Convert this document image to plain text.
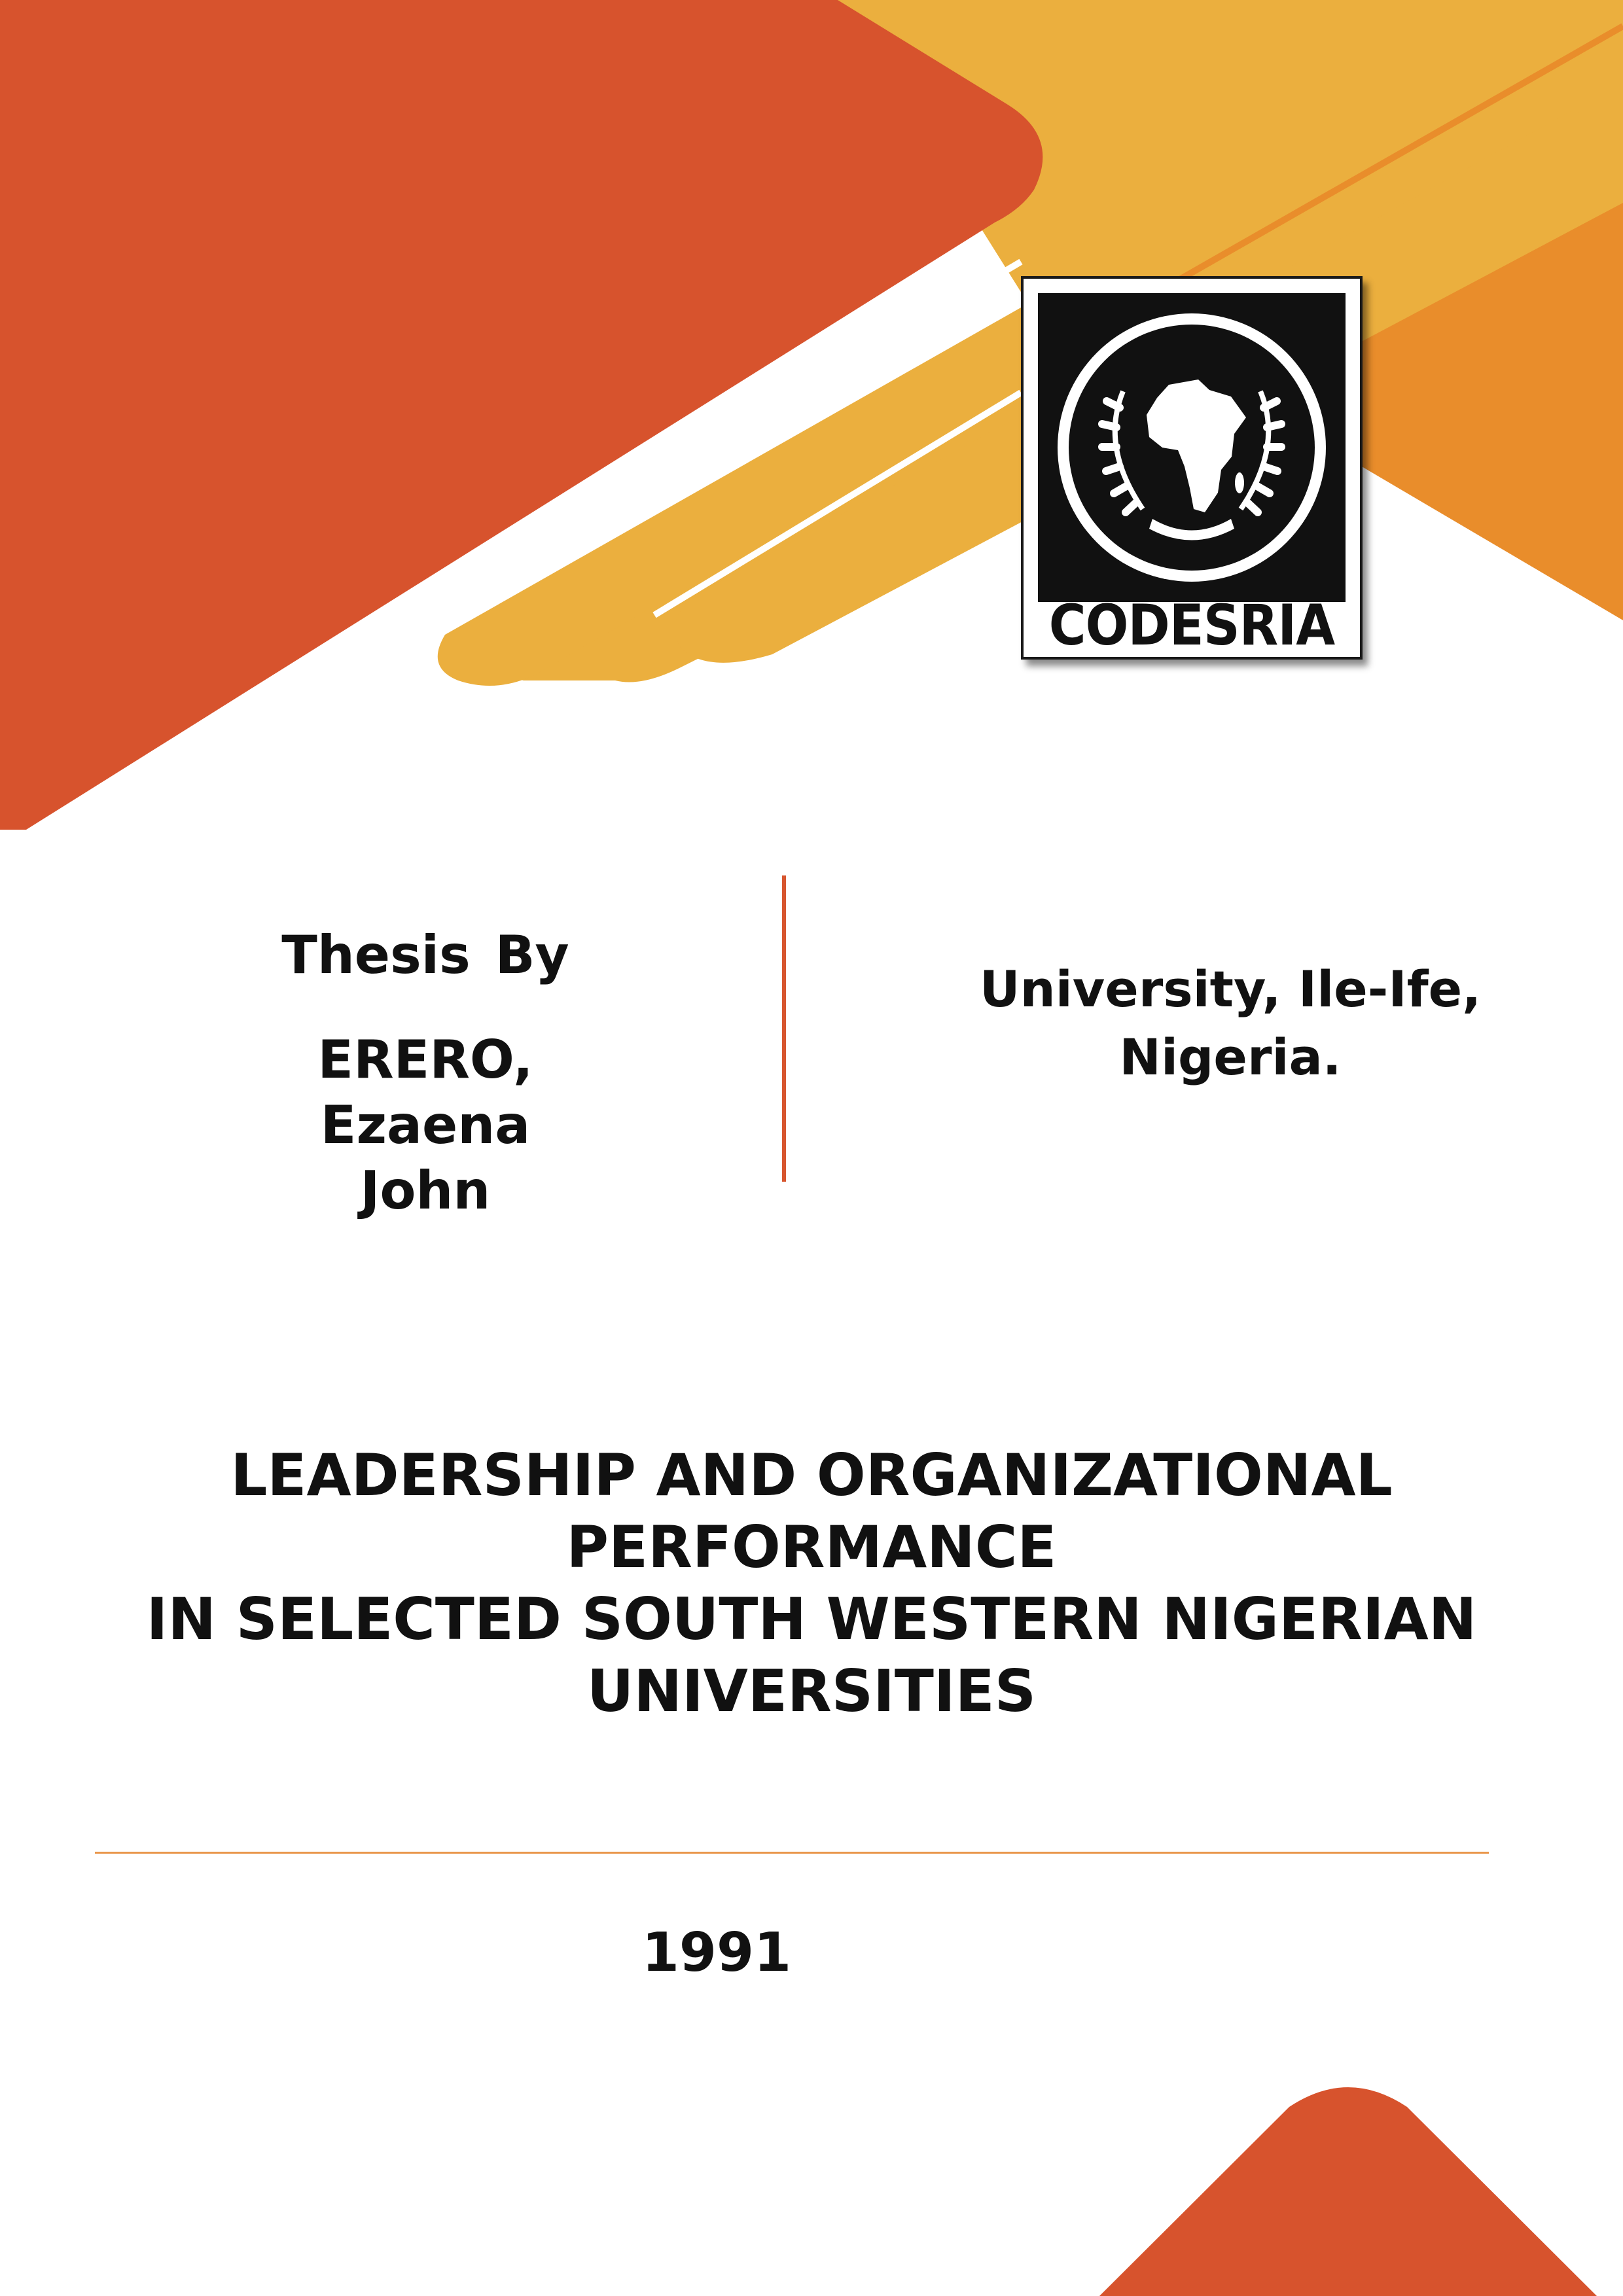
CODESRIA
Thesis By
ERERO,
Ezaena
John
University, Ile-Ife,
Nigeria.
LEADERSHIP AND ORGANIZATIONAL
PERFORMANCE
IN SELECTED SOUTH WESTERN NIGERIAN
UNIVERSITIES
1991
